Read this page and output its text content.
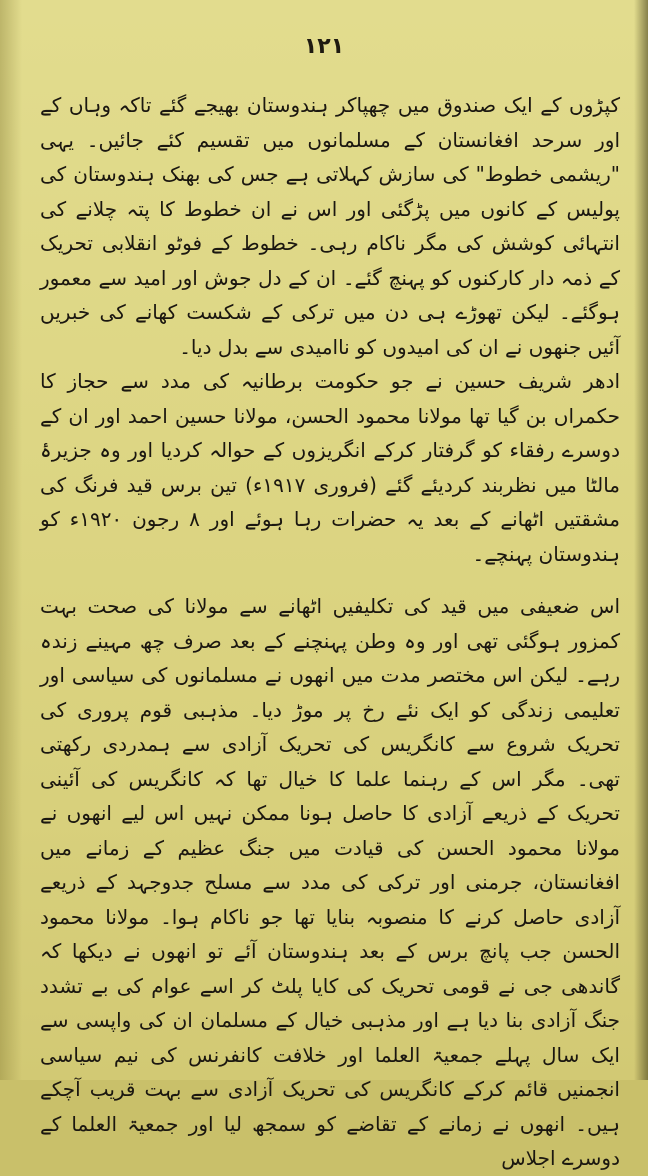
۱۲۱

کپڑوں کے ایک صندوق میں چھپاکر ہندوستان بھیجے گئے تاکہ وہاں کے اور سرحد افغانستان کے مسلمانوں میں تقسیم کئے جائیں۔ یہی "ریشمی خطوط" کی سازش کہلاتی ہے جس کی بھنک ہندوستان کی پولیس کے کانوں میں پڑگئی اور اس نے ان خطوط کا پتہ چلانے کی انتہائی کوشش کی مگر ناکام رہی۔ خطوط کے فوٹو انقلابی تحریک کے ذمہ دار کارکنوں کو پہنچ گئے۔ ان کے دل جوش اور امید سے معمور ہوگئے۔ لیکن تھوڑے ہی دن میں ترکی کے شکست کھانے کی خبریں آئیں جنھوں نے ان کی امیدوں کو ناامیدی سے بدل دیا۔

ادھر شریف حسین نے جو حکومت برطانیہ کی مدد سے حجاز کا حکمراں بن گیا تھا مولانا محمود الحسن، مولانا حسین احمد اور ان کے دوسرے رفقاء کو گرفتار کرکے انگریزوں کے حوالہ کردیا اور وہ جزیرۂ مالٹا میں نظربند کردیئے گئے (فروری ۱۹۱۷ء) تین برس قید فرنگ کی مشقتیں اٹھانے کے بعد یہ حضرات رہا ہوئے اور ۸ رجون ۱۹۲۰ء کو ہندوستان پہنچے۔

اس ضعیفی میں قید کی تکلیفیں اٹھانے سے مولانا کی صحت بہت کمزور ہوگئی تھی اور وہ وطن پہنچنے کے بعد صرف چھ مہینے زندہ رہے۔ لیکن اس مختصر مدت میں انھوں نے مسلمانوں کی سیاسی اور تعلیمی زندگی کو ایک نئے رخ پر موڑ دیا۔ مذہبی قوم پروری کی تحریک شروع سے کانگریس کی تحریک آزادی سے ہمدردی رکھتی تھی۔ مگر اس کے رہنما علما کا خیال تھا کہ کانگریس کی آئینی تحریک کے ذریعے آزادی کا حاصل ہونا ممکن نہیں اس لیے انھوں نے مولانا محمود الحسن کی قیادت میں جنگ عظیم کے زمانے میں افغانستان، جرمنی اور ترکی کی مدد سے مسلح جدوجہد کے ذریعے آزادی حاصل کرنے کا منصوبہ بنایا تھا جو ناکام ہوا۔ مولانا محمود الحسن جب پانچ برس کے بعد ہندوستان آئے تو انھوں نے دیکھا کہ گاندھی جی نے قومی تحریک کی کایا پلٹ کر اسے عوام کی بے تشدد جنگ آزادی بنا دیا ہے اور مذہبی خیال کے مسلمان ان کی واپسی سے ایک سال پہلے جمعیۃ العلما اور خلافت کانفرنس کی نیم سیاسی انجمنیں قائم کرکے کانگریس کی تحریک آزادی سے بہت قریب آچکے ہیں۔ انھوں نے زمانے کے تقاضے کو سمجھ لیا اور جمعیۃ العلما کے دوسرے اجلاس
